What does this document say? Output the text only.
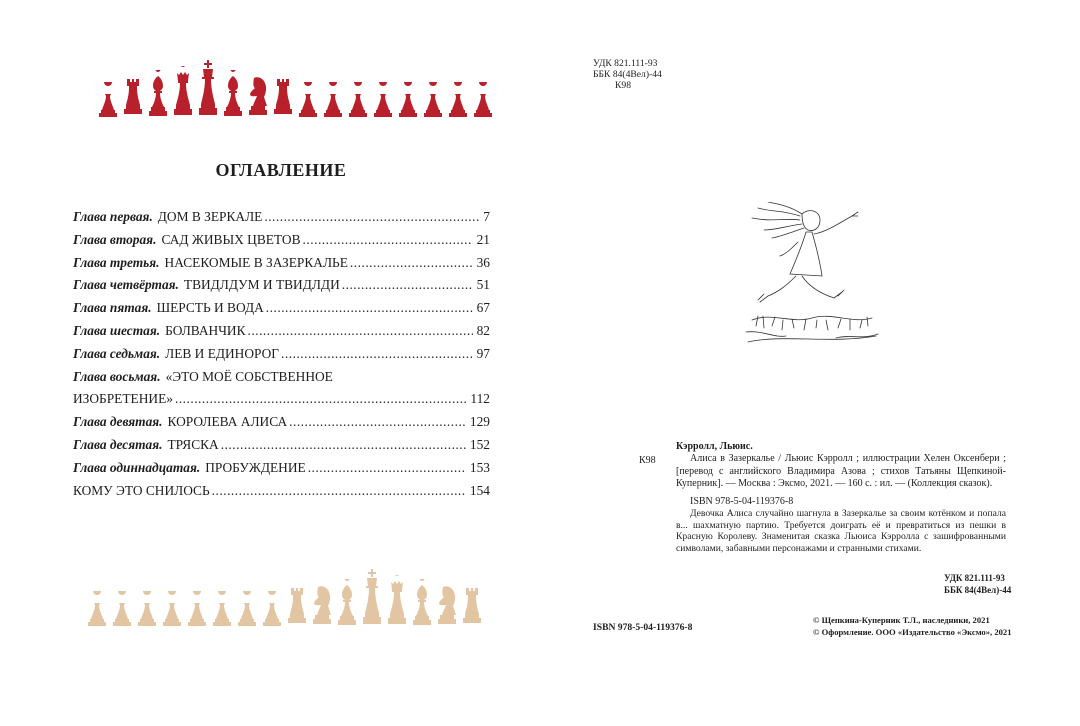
ОГЛАВЛЕНИЕ
Глава первая. ДОМ В ЗЕРКАЛЕ .....	7
Глава вторая. САД ЖИВЫХ ЦВЕТОВ .....	21
Глава третья. НАСЕКОМЫЕ В ЗАЗЕРКАЛЬЕ .....	36
Глава четвёртая. ТВИДЛДУМ И ТВИДЛДИ .....	51
Глава пятая. ШЕРСТЬ И ВОДА .....	67
Глава шестая. БОЛВАНЧИК .....	82
Глава седьмая. ЛЕВ И ЕДИНОРОГ .....	97
Глава восьмая. «ЭТО МОЁ СОБСТВЕННОЕ
ИЗОБРЕТЕНИЕ» .....	112
Глава девятая. КОРОЛЕВА АЛИСА .....	129
Глава десятая. ТРЯСКА .....	152
Глава одиннадцатая. ПРОБУЖДЕНИЕ .....	153
КОМУ ЭТО СНИЛОСЬ .....	154
УДК 821.111-93
ББК 84(4Вел)-44
К98
К98

Кэрролл, Льюис.

Алиса в Зазеркалье / Льюис Кэрролл ; иллюстрации Хелен Оксенбери ; [перевод с английского Владимира Азова ; стихов Татьяны Щепкиной-Куперник]. — Москва : Эксмо, 2021. — 160 с. : ил. — (Коллекция сказок).

ISBN 978-5-04-119376-8

Девочка Алиса случайно шагнула в Зазеркалье за своим котёнком и попала в... шахматную партию. Требуется доиграть её и превратиться из пешки в Красную Королеву. Знаменитая сказка Льюиса Кэрролла с зашифрованными символами, забавными персонажами и странными стихами.

УДК 821.111-93
ББК 84(4Вел)-44
ISBN 978-5-04-119376-8
© Щепкина-Куперник Т.Л., наследники, 2021
© Оформление. ООО «Издательство «Эксмо», 2021
